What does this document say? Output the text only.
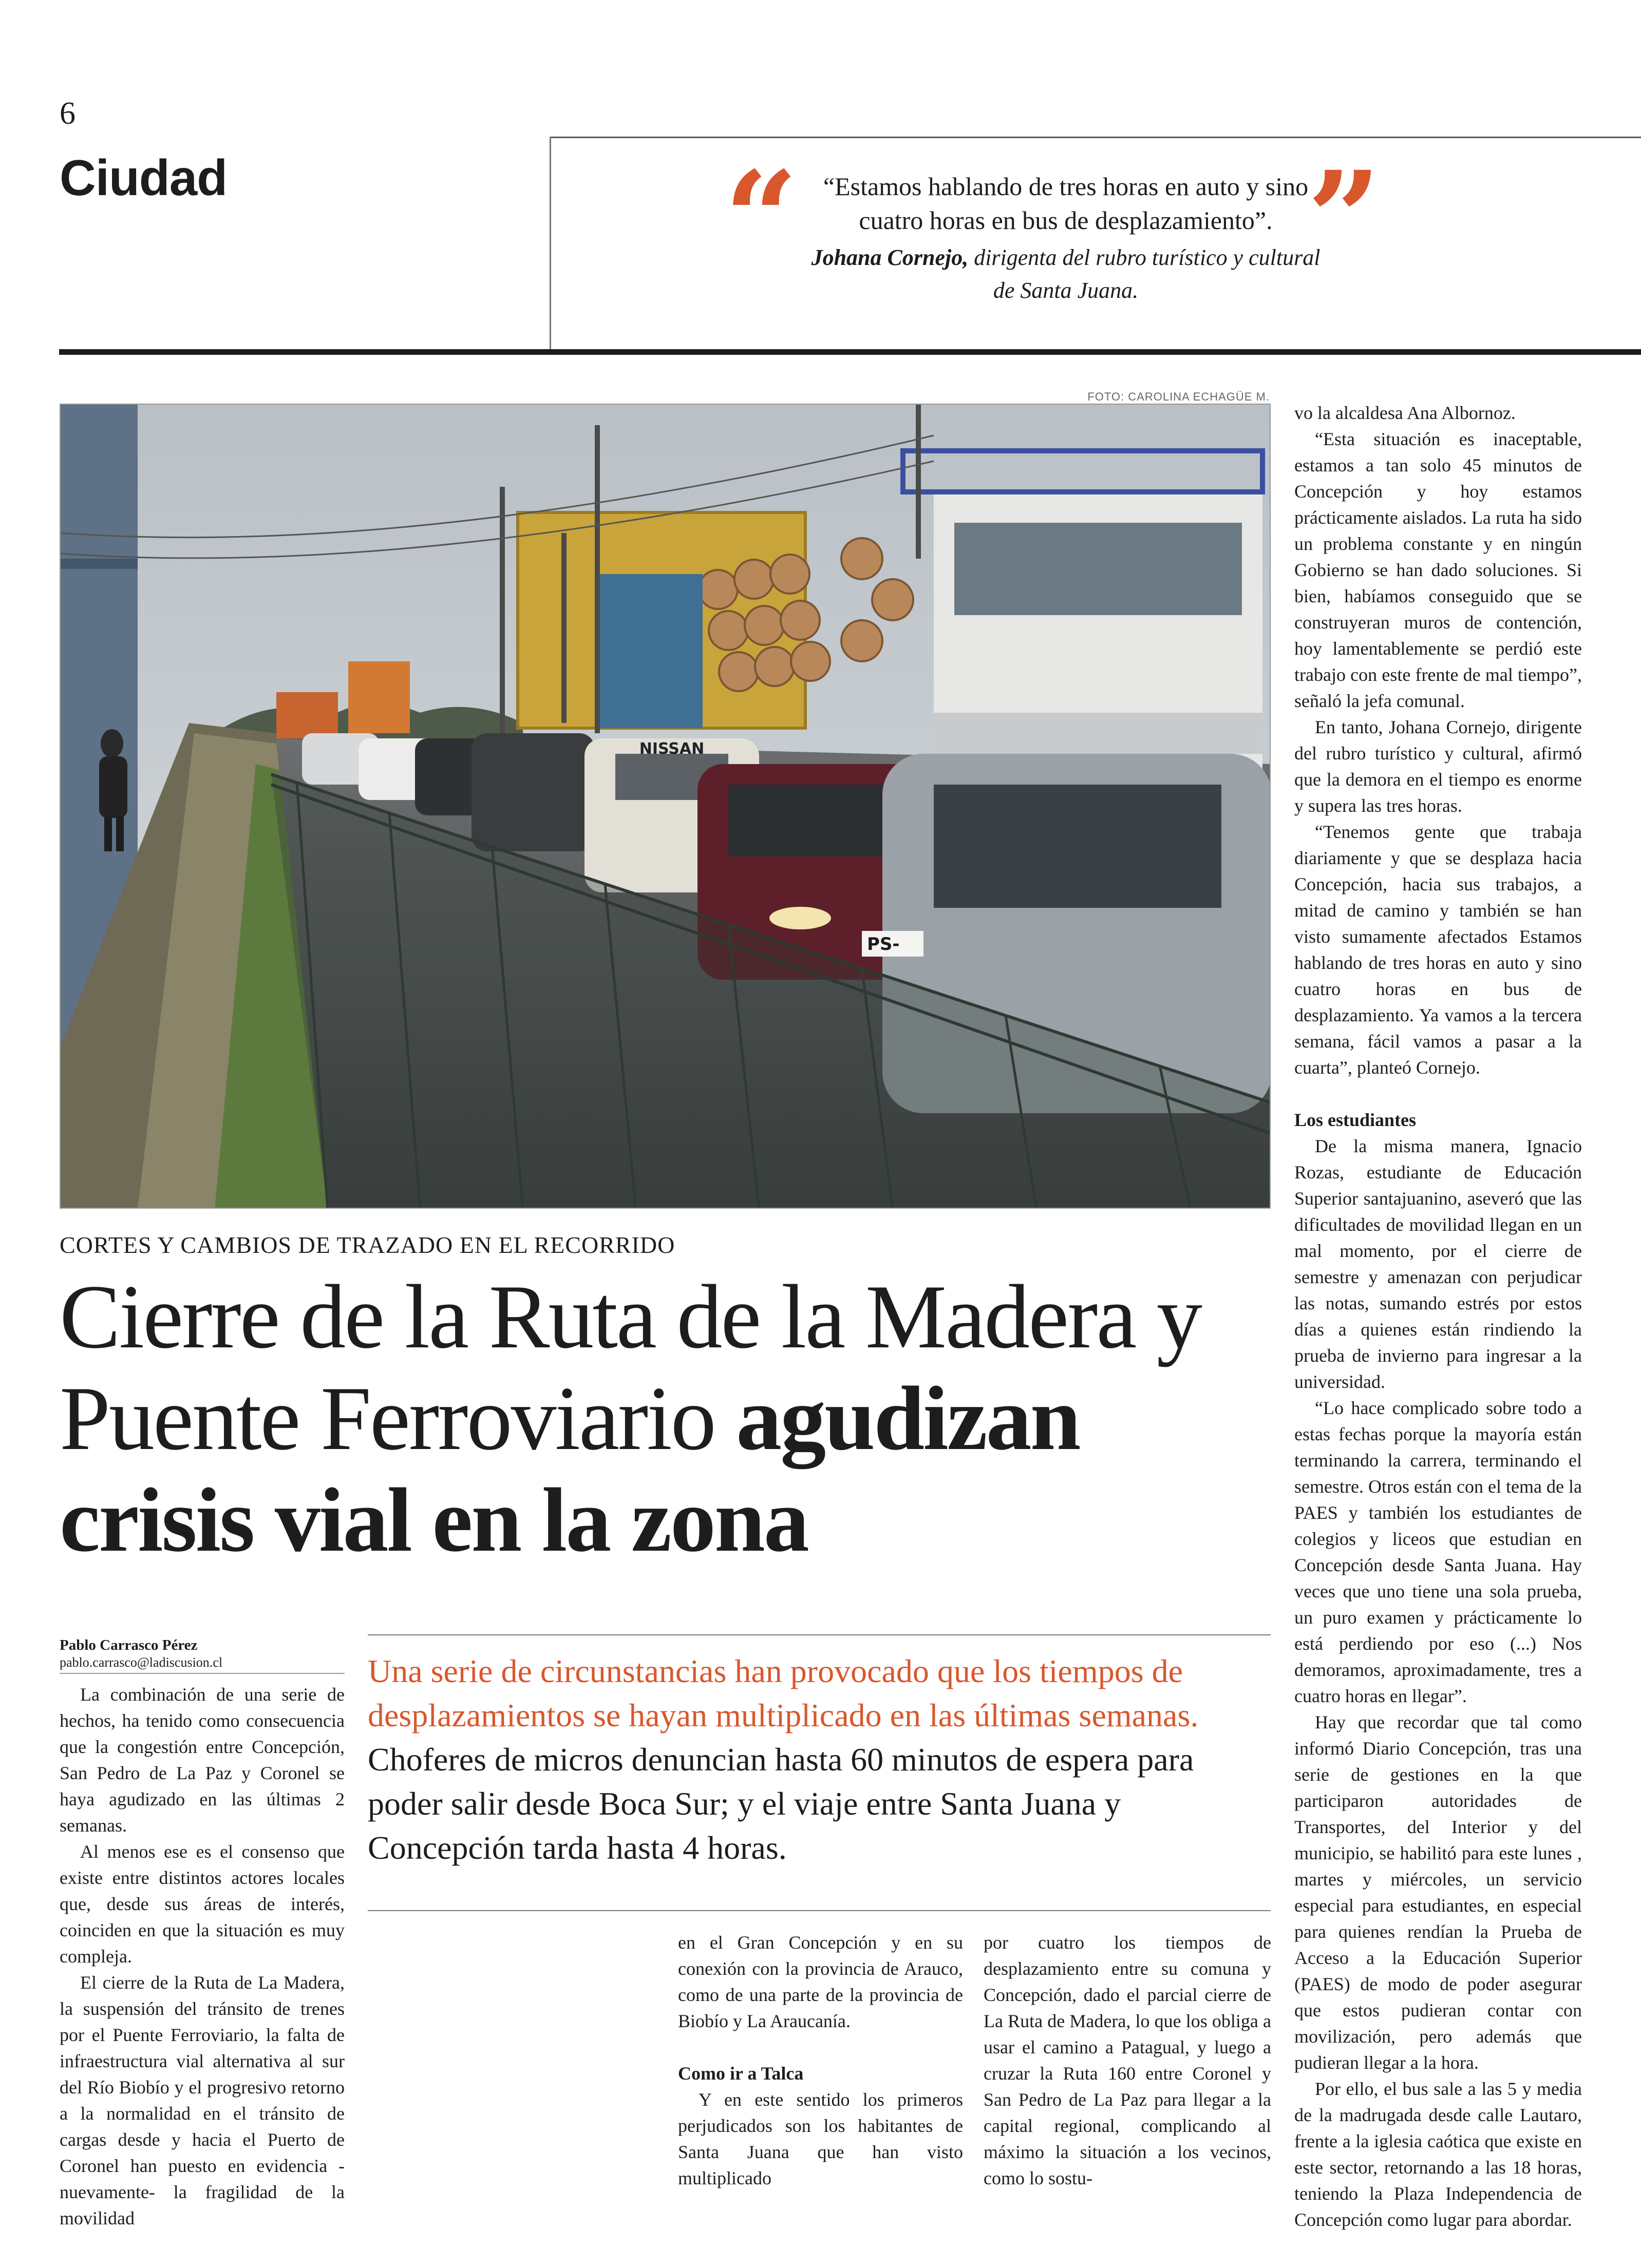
6
Ciudad	“ “Estamos hablando de tres horas en auto y sino cuatro horas en bus de desplazamiento”.
Johana Cornejo, dirigenta del rubro turístico y cultural de Santa Juana.	”
FOTO: CAROLINA ECHAGÜE M.
NISSAN
PS-
CORTES Y CAMBIOS DE TRAZADO EN EL RECORRIDO
Cierre de la Ruta de la Madera y Puente Ferroviario agudizan crisis vial en la zona
Pablo Carrasco Pérez
pablo.carrasco@ladiscusion.cl	Una serie de circunstancias han provocado que los tiempos de desplazamientos se hayan multiplicado en las últimas semanas. Choferes de micros denuncian hasta 60 minutos de espera para poder salir desde Boca Sur; y el viaje entre Santa Juana y Concepción tarda hasta 4 horas.

La combinación de una serie de hechos, ha tenido como consecuencia que la congestión entre Concepción, San Pedro de La Paz y Coronel se haya agudizado en las últimas 2 semanas.

Al menos ese es el consenso que existe entre distintos actores locales que, desde sus áreas de interés, coinciden en que la situación es muy compleja.

El cierre de la Ruta de La Madera, la suspensión del tránsito de trenes por el Puente Ferroviario, la falta de infraestructura vial alternativa al sur del Río Biobío y el progresivo retorno a la normalidad en el tránsito de cargas desde y hacia el Puerto de Coronel han puesto en evidencia -nuevamente- la fragilidad de la movilidad

en el Gran Concepción y en su conexión con la provincia de Arauco, como de una parte de la provincia de Biobío y La Araucanía.

Como ir a Talca

Y en este sentido los primeros perjudicados son los habitantes de Santa Juana que han visto multiplicado

por cuatro los tiempos de desplazamiento entre su comuna y Concepción, dado el parcial cierre de La Ruta de Madera, lo que los obliga a usar el camino a Patagual, y luego a cruzar la Ruta 160 entre Coronel y San Pedro de La Paz para llegar a la capital regional, complicando al máximo la situación a los vecinos, como lo sostu-

vo la alcaldesa Ana Albornoz.

“Esta situación es inaceptable, estamos a tan solo 45 minutos de Concepción y hoy estamos prácticamente aislados. La ruta ha sido un problema constante y en ningún Gobierno se han dado soluciones. Si bien, habíamos conseguido que se construyeran muros de contención, hoy lamentablemente se perdió este trabajo con este frente de mal tiempo”, señaló la jefa comunal.

En tanto, Johana Cornejo, dirigente del rubro turístico y cultural, afirmó que la demora en el tiempo es enorme y supera las tres horas.

“Tenemos gente que trabaja diariamente y que se desplaza hacia Concepción, hacia sus trabajos, a mitad de camino y también se han visto sumamente afectados Estamos hablando de tres horas en auto y sino cuatro horas en bus de desplazamiento. Ya vamos a la tercera semana, fácil vamos a pasar a la cuarta”, planteó Cornejo.

Los estudiantes

De la misma manera, Ignacio Rozas, estudiante de Educación Superior santajuanino, aseveró que las dificultades de movilidad llegan en un mal momento, por el cierre de semestre y amenazan con perjudicar las notas, sumando estrés por estos días a quienes están rindiendo la prueba de invierno para ingresar a la universidad.

“Lo hace complicado sobre todo a estas fechas porque la mayoría están terminando la carrera, terminando el semestre. Otros están con el tema de la PAES y también los estudiantes de colegios y liceos que estudian en Concepción desde Santa Juana. Hay veces que uno tiene una sola prueba, un puro examen y prácticamente lo está perdiendo por eso (...) Nos demoramos, aproximadamente, tres a cuatro horas en llegar”.

Hay que recordar que tal como informó Diario Concepción, tras una serie de gestiones en la que participaron autoridades de Transportes, del Interior y del municipio, se habilitó para este lunes , martes y miércoles, un servicio especial para estudiantes, en especial para quienes rendían la Prueba de Acceso a la Educación Superior (PAES) de modo de poder asegurar que estos pudieran contar con movilización, pero además que pudieran llegar a la hora.

Por ello, el bus sale a las 5 y media de la madrugada desde calle Lautaro, frente a la iglesia caótica que existe en este sector, retornando a las 18 horas, teniendo la Plaza Independencia de Concepción como lugar para abordar.
